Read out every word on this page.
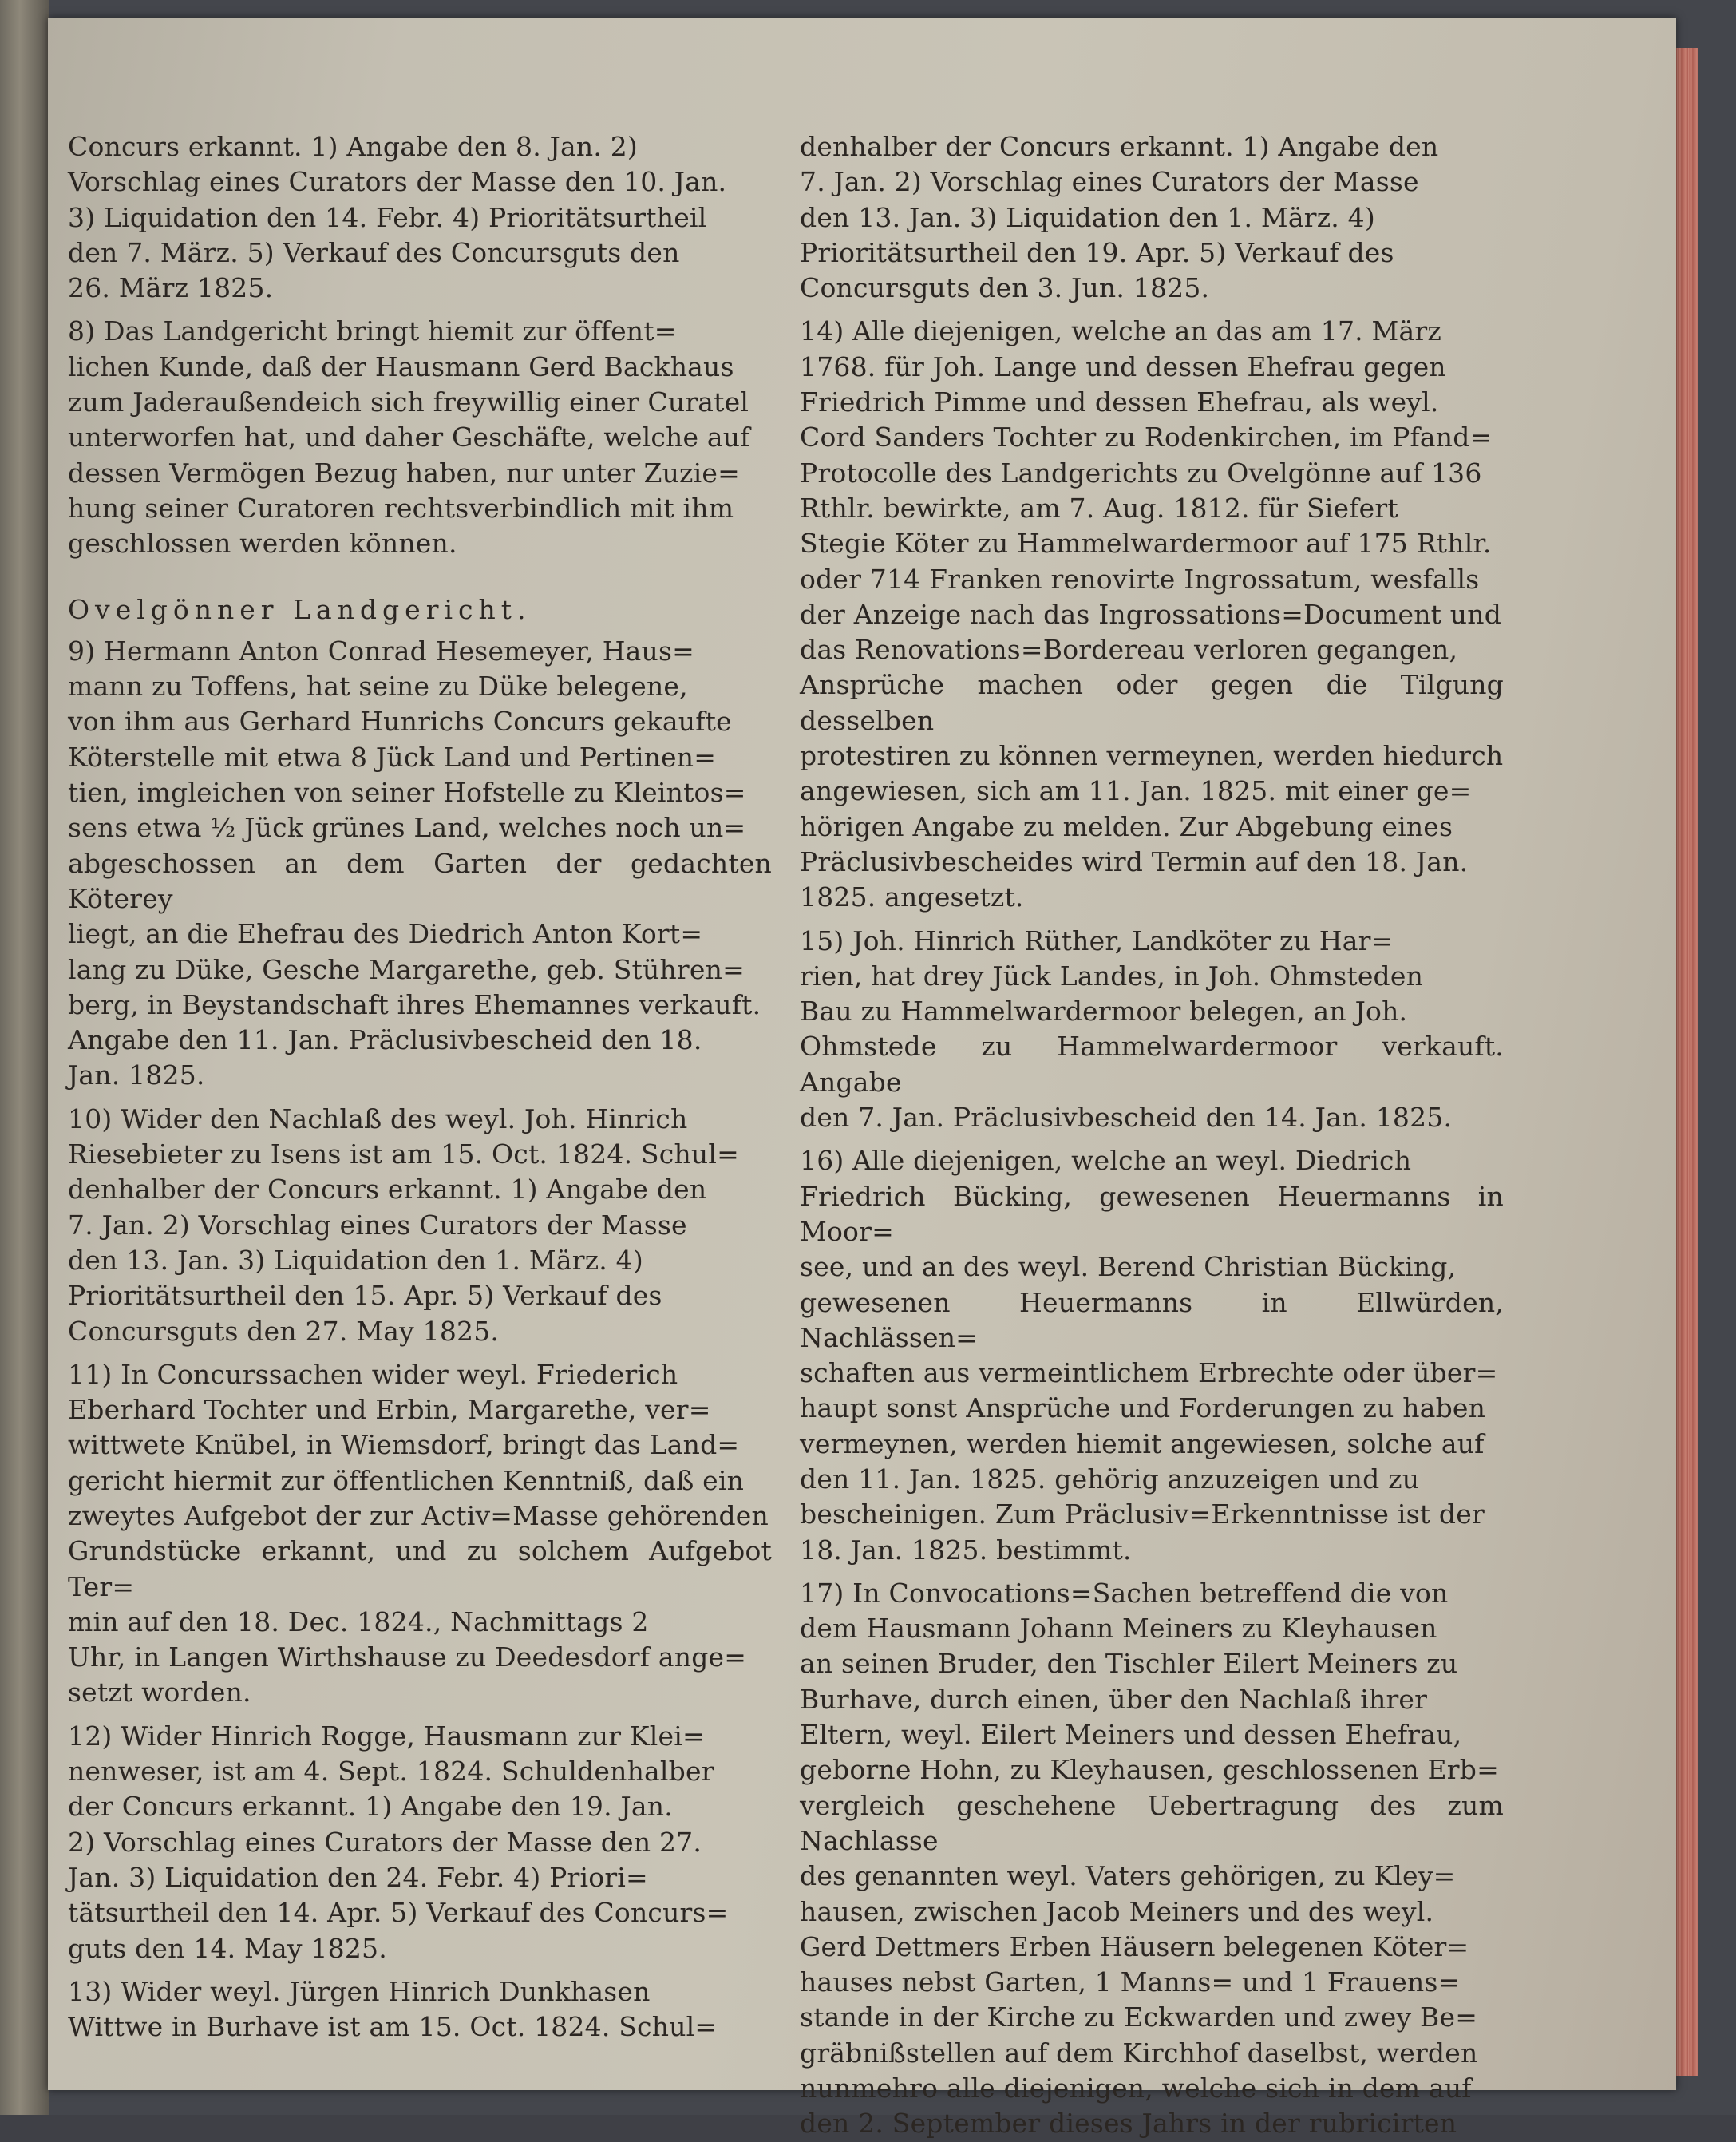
Concurs erkannt. 1) Angabe den 8. Jan. 2)
Vorschlag eines Curators der Masse den 10. Jan.
3) Liquidation den 14. Febr. 4) Prioritätsurtheil
den 7. März. 5) Verkauf des Concursguts den
26. März 1825.

8) Das Landgericht bringt hiemit zur öffent=
lichen Kunde, daß der Hausmann Gerd Backhaus
zum Jaderaußendeich sich freywillig einer Curatel
unterworfen hat, und daher Geschäfte, welche auf
dessen Vermögen Bezug haben, nur unter Zuzie=
hung seiner Curatoren rechtsverbindlich mit ihm
geschlossen werden können.

Ovelgönner Landgericht.

9) Hermann Anton Conrad Hesemeyer, Haus=
mann zu Toffens, hat seine zu Düke belegene,
von ihm aus Gerhard Hunrichs Concurs gekaufte
Köterstelle mit etwa 8 Jück Land und Pertinen=
tien, imgleichen von seiner Hofstelle zu Kleintos=
sens etwa ½ Jück grünes Land, welches noch un=
abgeschossen an dem Garten der gedachten Köterey
liegt, an die Ehefrau des Diedrich Anton Kort=
lang zu Düke, Gesche Margarethe, geb. Stühren=
berg, in Beystandschaft ihres Ehemannes verkauft.
Angabe den 11. Jan. Präclusivbescheid den 18.
Jan. 1825.

10) Wider den Nachlaß des weyl. Joh. Hinrich
Riesebieter zu Isens ist am 15. Oct. 1824. Schul=
denhalber der Concurs erkannt. 1) Angabe den
7. Jan. 2) Vorschlag eines Curators der Masse
den 13. Jan. 3) Liquidation den 1. März. 4)
Prioritätsurtheil den 15. Apr. 5) Verkauf des
Concursguts den 27. May 1825.

11) In Concurssachen wider weyl. Friederich
Eberhard Tochter und Erbin, Margarethe, ver=
wittwete Knübel, in Wiemsdorf, bringt das Land=
gericht hiermit zur öffentlichen Kenntniß, daß ein
zweytes Aufgebot der zur Activ=Masse gehörenden
Grundstücke erkannt, und zu solchem Aufgebot Ter=
min auf den 18. Dec. 1824., Nachmittags 2
Uhr, in Langen Wirthshause zu Deedesdorf ange=
setzt worden.

12) Wider Hinrich Rogge, Hausmann zur Klei=
nenweser, ist am 4. Sept. 1824. Schuldenhalber
der Concurs erkannt. 1) Angabe den 19. Jan.
2) Vorschlag eines Curators der Masse den 27.
Jan. 3) Liquidation den 24. Febr. 4) Priori=
tätsurtheil den 14. Apr. 5) Verkauf des Concurs=
guts den 14. May 1825.

13) Wider weyl. Jürgen Hinrich Dunkhasen
Wittwe in Burhave ist am 15. Oct. 1824. Schul=

denhalber der Concurs erkannt. 1) Angabe den
7. Jan. 2) Vorschlag eines Curators der Masse
den 13. Jan. 3) Liquidation den 1. März. 4)
Prioritätsurtheil den 19. Apr. 5) Verkauf des
Concursguts den 3. Jun. 1825.

14) Alle diejenigen, welche an das am 17. März
1768. für Joh. Lange und dessen Ehefrau gegen
Friedrich Pimme und dessen Ehefrau, als weyl.
Cord Sanders Tochter zu Rodenkirchen, im Pfand=
Protocolle des Landgerichts zu Ovelgönne auf 136
Rthlr. bewirkte, am 7. Aug. 1812. für Siefert
Stegie Köter zu Hammelwardermoor auf 175 Rthlr.
oder 714 Franken renovirte Ingrossatum, wesfalls
der Anzeige nach das Ingrossations=Document und
das Renovations=Bordereau verloren gegangen,
Ansprüche machen oder gegen die Tilgung desselben
protestiren zu können vermeynen, werden hiedurch
angewiesen, sich am 11. Jan. 1825. mit einer ge=
hörigen Angabe zu melden. Zur Abgebung eines
Präclusivbescheides wird Termin auf den 18. Jan.
1825. angesetzt.

15) Joh. Hinrich Rüther, Landköter zu Har=
rien, hat drey Jück Landes, in Joh. Ohmsteden
Bau zu Hammelwardermoor belegen, an Joh.
Ohmstede zu Hammelwardermoor verkauft. Angabe
den 7. Jan. Präclusivbescheid den 14. Jan. 1825.

16) Alle diejenigen, welche an weyl. Diedrich
Friedrich Bücking, gewesenen Heuermanns in Moor=
see, und an des weyl. Berend Christian Bücking,
gewesenen Heuermanns in Ellwürden, Nachlässen=
schaften aus vermeintlichem Erbrechte oder über=
haupt sonst Ansprüche und Forderungen zu haben
vermeynen, werden hiemit angewiesen, solche auf
den 11. Jan. 1825. gehörig anzuzeigen und zu
bescheinigen. Zum Präclusiv=Erkenntnisse ist der
18. Jan. 1825. bestimmt.

17) In Convocations=Sachen betreffend die von
dem Hausmann Johann Meiners zu Kleyhausen
an seinen Bruder, den Tischler Eilert Meiners zu
Burhave, durch einen, über den Nachlaß ihrer
Eltern, weyl. Eilert Meiners und dessen Ehefrau,
geborne Hohn, zu Kleyhausen, geschlossenen Erb=
vergleich geschehene Uebertragung des zum Nachlasse
des genannten weyl. Vaters gehörigen, zu Kley=
hausen, zwischen Jacob Meiners und des weyl.
Gerd Dettmers Erben Häusern belegenen Köter=
hauses nebst Garten, 1 Manns= und 1 Frauens=
stande in der Kirche zu Eckwarden und zwey Be=
gräbnißstellen auf dem Kirchhof daselbst, werden
nunmehro alle diejenigen, welche sich in dem auf
den 2. September dieses Jahrs in der rubricirten
